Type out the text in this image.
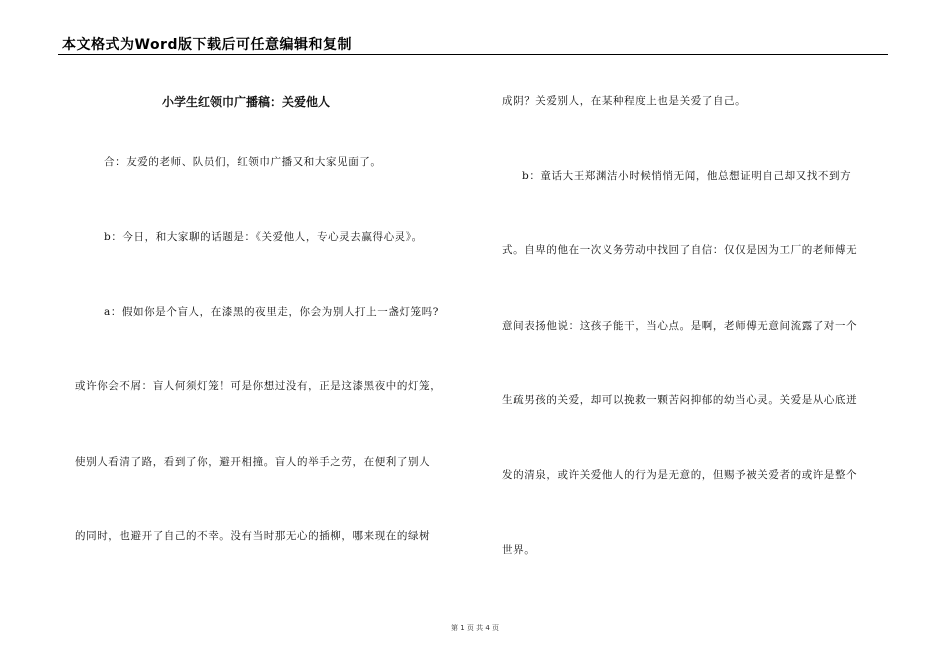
本文格式为Word版下载后可任意编辑和复制
小学生红领巾广播稿：关爱他人
合：友爱的老师、队员们，红领巾广播又和大家见面了。
b：今日，和大家聊的话题是：《关爱他人，专心灵去赢得心灵》。
a：假如你是个盲人，在漆黑的夜里走，你会为别人打上一盏灯笼吗?
或许你会不屑：盲人何须灯笼！可是你想过没有，正是这漆黑夜中的灯笼，
使别人看清了路，看到了你，避开相撞。盲人的举手之劳，在便利了别人
的同时，也避开了自己的不幸。没有当时那无心的插柳，哪来现在的绿树
成阴？关爱别人，在某种程度上也是关爱了自己。
b：童话大王郑渊洁小时候悄悄无闻，他总想证明自己却又找不到方
式。自卑的他在一次义务劳动中找回了自信：仅仅是因为工厂的老师傅无
意间表扬他说：这孩子能干，当心点。是啊，老师傅无意间流露了对一个
生疏男孩的关爱，却可以挽救一颗苦闷抑郁的幼当心灵。关爱是从心底迸
发的清泉，或许关爱他人的行为是无意的，但赐予被关爱者的或许是整个
世界。
第 1 页 共 4 页
